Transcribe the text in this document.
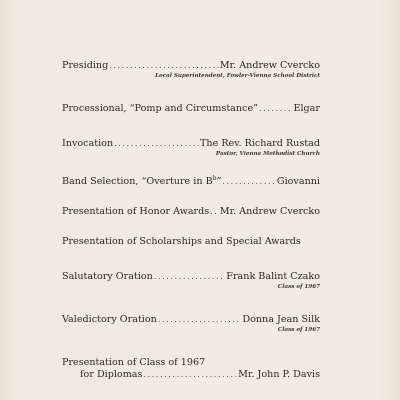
Presiding .....	Mr. Andrew Cvercko
Local Superintendent, Fowler-Vienna School District
Processional, “Pomp and Circumstance” .....	Elgar
Invocation .....	The Rev. Richard Rustad
Pastor, Vienna Methodist Church
Band Selection, “Overture in $B^b$” .....	Giovanni
Presentation of Honor Awards ..... Mr. Andrew Cvercko
Presentation of Scholarships and Special Awards
Salutatory Oration .....	Frank Balint Czako
Class of 1967
Valedictory Oration .....	Donna Jean Silk
Class of 1967
Presentation of Class of 1967
for Diplomas .....	Mr. John P. Davis
